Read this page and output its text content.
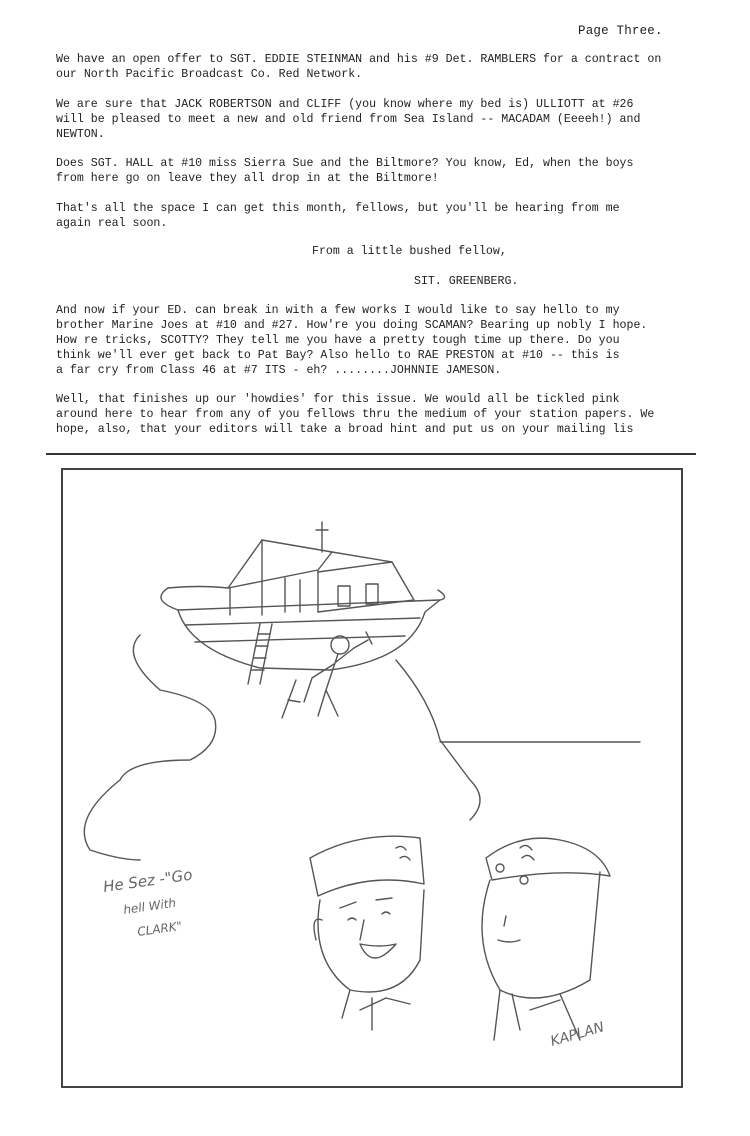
Page Three.
We have an open offer to SGT. EDDIE STEINMAN and his #9 Det. RAMBLERS for a contract on
our North Pacific Broadcast Co. Red Network.
We are sure that JACK ROBERTSON and CLIFF (you know where my bed is) ULLIOTT at #26
will be pleased to meet a new and old friend from Sea Island -- MACADAM (Eeeeh!) and
NEWTON.
Does SGT. HALL at #10 miss Sierra Sue and the Biltmore? You know, Ed, when the boys
from here go on leave they all drop in at the Biltmore!
That's all the space I can get this month, fellows, but you'll be hearing from me
again real soon.
From a little bushed fellow,
SIT. GREENBERG.
And now if your ED. can break in with a few works I would like to say hello to my
brother Marine Joes at #10 and #27. How're you doing SCAMAN? Bearing up nobly I hope.
How re tricks, SCOTTY? They tell me you have a pretty tough time up there. Do you
think we'll ever get back to Pat Bay? Also hello to RAE PRESTON at #10 -- this is
a far cry from Class 46 at #7 ITS - eh? ........JOHNNIE JAMESON.
Well, that finishes up our 'howdies' for this issue. We would all be tickled pink
around here to hear from any of you fellows thru the medium of your station papers. We
hope, also, that your editors will take a broad hint and put us on your mailing lis
He Sez -"Go
hell With
CLARK"
KAPLAN
